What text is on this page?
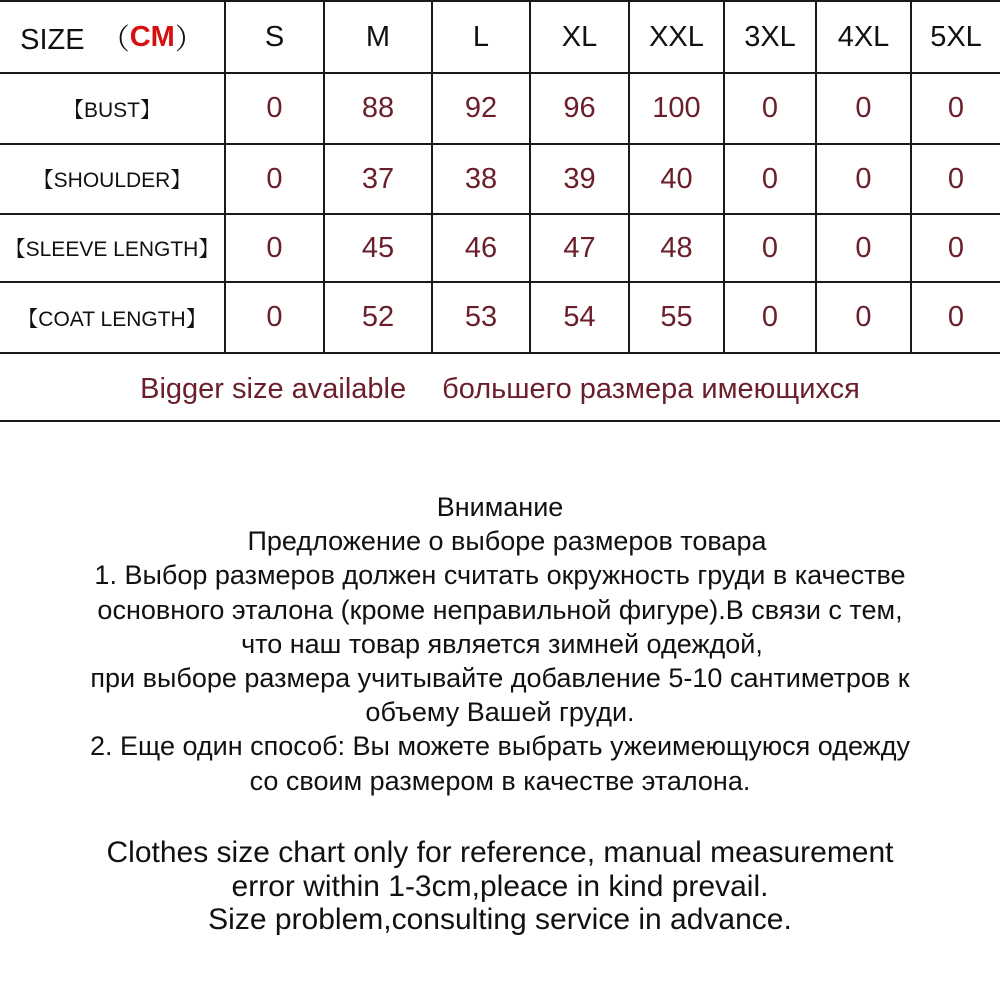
SIZE  （ CM ）	S	M	L	XL	XXL	3XL	4XL	5XL
【BUST】	0	88	92	96	100	0	0	0
【SHOULDER】	0	37	38	39	40	0	0	0
【SLEEVE LENGTH】	0	45	46	47	48	0	0	0
【COAT LENGTH】	0	52	53	54	55	0	0	0
Bigger size available большего размера имеющихся
Внимание
Предложение о выборе размеров товара
1. Выбор размеров должен считать окружность груди в качестве
основного эталона (кроме неправильной фигуре).В связи с тем,
что наш товар является зимней одеждой,
при выборе размера учитывайте добавление 5-10 сантиметров к
объему Вашей груди.
2. Еще один способ: Вы можете выбрать ужеимеющуюся одежду
со своим размером в качестве эталона.
Clothes size chart only for reference, manual measurement
error within 1-3cm,pleace in kind prevail.
Size problem,consulting service in advance.
